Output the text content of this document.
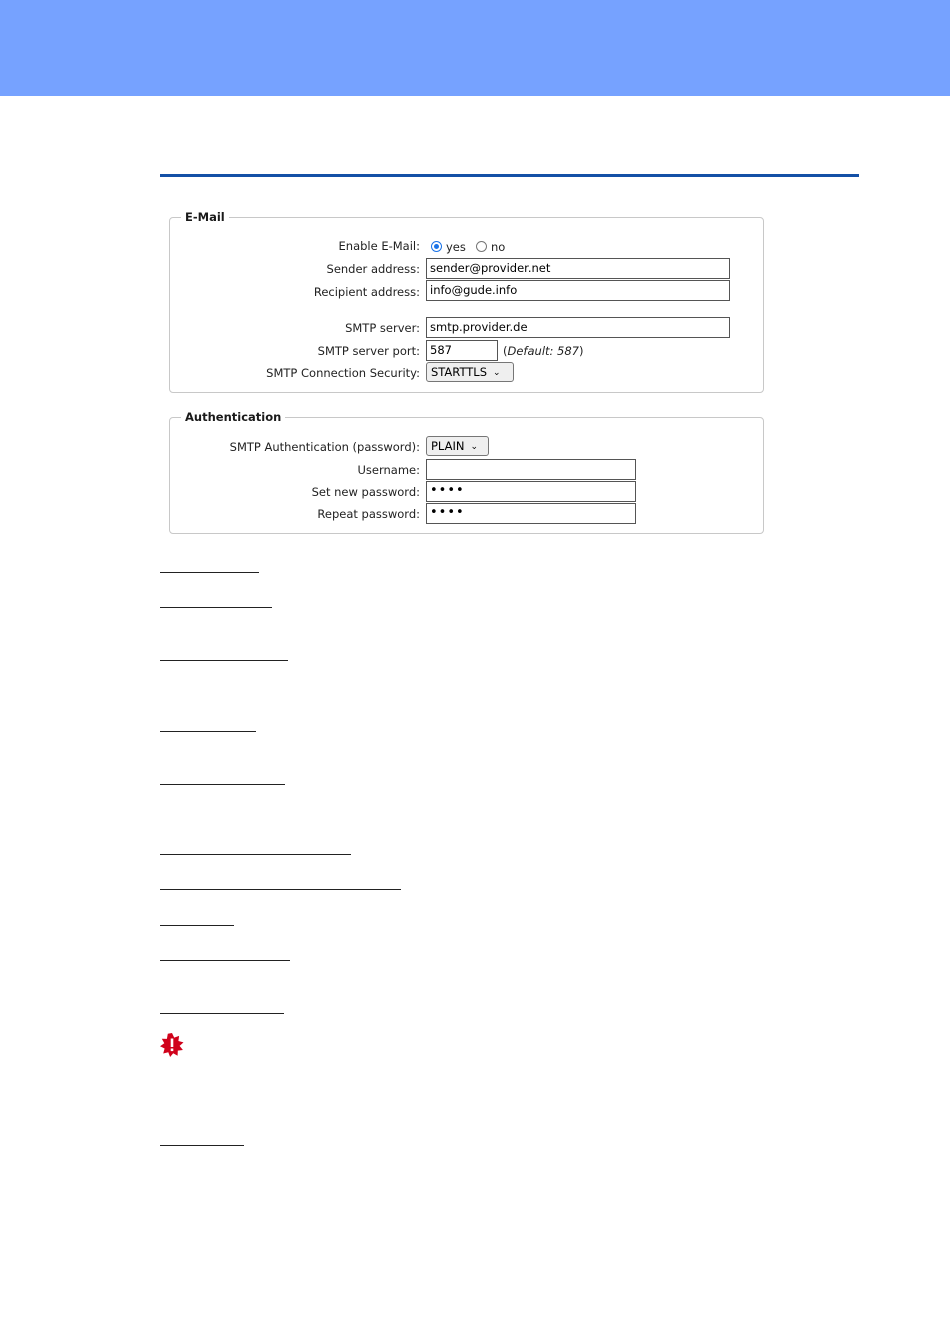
E-Mail
Enable E-Mail: yes no
Sender address: sender@provider.net
Recipient address: info@gude.info
SMTP server: smtp.provider.de
SMTP server port: 587	(Default: 587)
SMTP Connection Security: STARTTLS ⌄
Authentication
SMTP Authentication (password): PLAIN ⌄
Username:
Set new password: ••••
Repeat password: ••••
